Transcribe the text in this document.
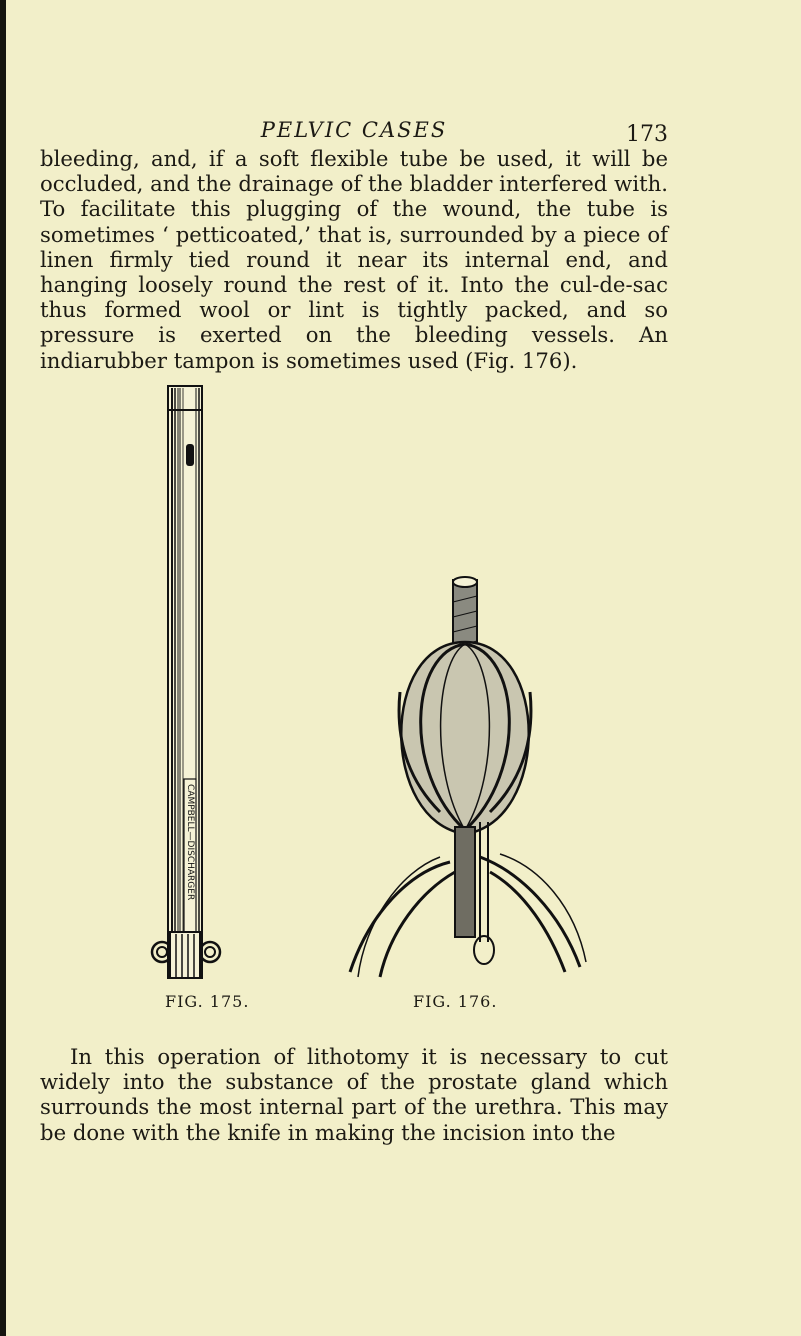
PELVIC CASES	173

bleeding, and, if a soft flexible tube be used, it will be occluded, and the drainage of the bladder interfered with. To facilitate this plugging of the wound, the tube is sometimes ‘ petticoated,’ that is, surrounded by a piece of linen firmly tied round it near its internal end, and hanging loosely round the rest of it. Into the cul-de-sac thus formed wool or lint is tightly packed, and so pressure is exerted on the bleeding vessels. An indiarubber tampon is sometimes used (Fig. 176).

CAMPBELL—DISCHARGER
FIG. 175.	FIG. 176.

In this operation of lithotomy it is necessary to cut widely into the substance of the prostate gland which surrounds the most internal part of the urethra. This may be done with the knife in making the incision into the
